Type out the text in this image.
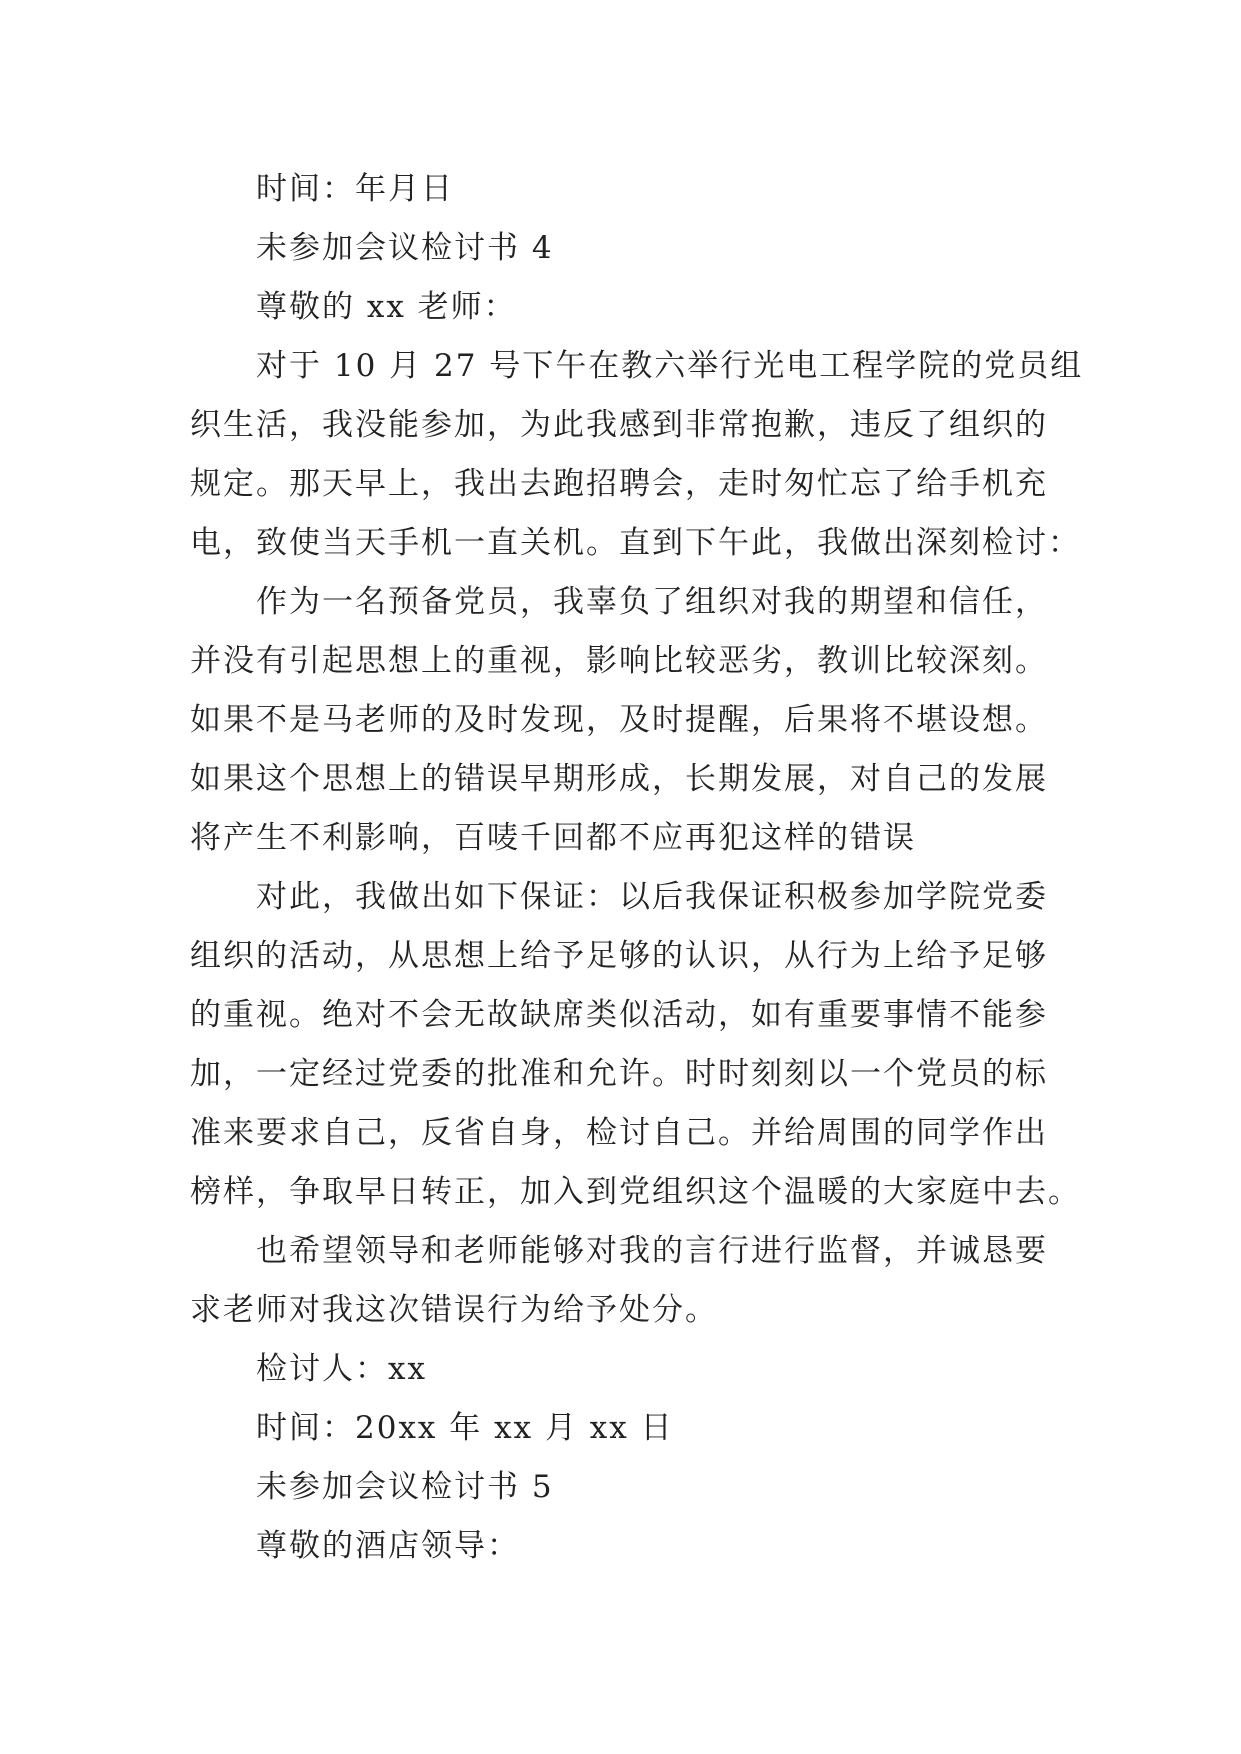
时间：年月日
未参加会议检讨书 4
尊敬的 xx 老师：
对于 10 月 27 号下午在教六举行光电工程学院的党员组
织生活，我没能参加，为此我感到非常抱歉，违反了组织的
规定。那天早上，我出去跑招聘会，走时匆忙忘了给手机充
电，致使当天手机一直关机。直到下午此，我做出深刻检讨：
作为一名预备党员，我辜负了组织对我的期望和信任，
并没有引起思想上的重视，影响比较恶劣，教训比较深刻。
如果不是马老师的及时发现，及时提醒，后果将不堪设想。
如果这个思想上的错误早期形成，长期发展，对自己的发展
将产生不利影响，百唛千回都不应再犯这样的错误
对此，我做出如下保证：以后我保证积极参加学院党委
组织的活动，从思想上给予足够的认识，从行为上给予足够
的重视。绝对不会无故缺席类似活动，如有重要事情不能参
加，一定经过党委的批准和允许。时时刻刻以一个党员的标
准来要求自己，反省自身，检讨自己。并给周围的同学作出
榜样，争取早日转正，加入到党组织这个温暖的大家庭中去。
也希望领导和老师能够对我的言行进行监督，并诚恳要
求老师对我这次错误行为给予处分。
检讨人：xx
时间：20xx 年 xx 月 xx 日
未参加会议检讨书 5
尊敬的酒店领导：
